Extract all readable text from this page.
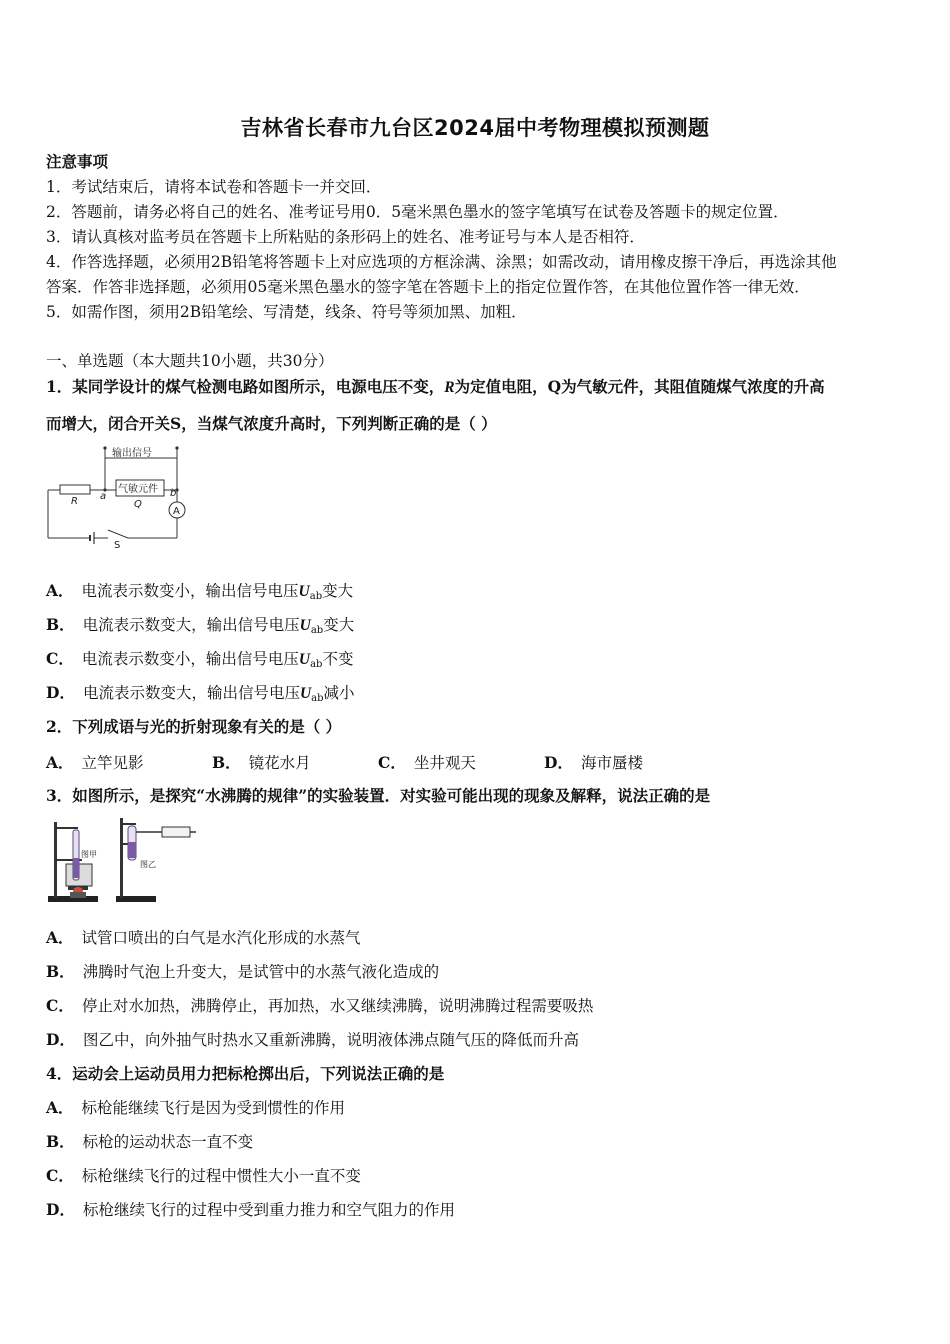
吉林省长春市九台区2024届中考物理模拟预测题
注意事项
1．考试结束后，请将本试卷和答题卡一并交回．
2．答题前，请务必将自己的姓名、准考证号用0．5毫米黑色墨水的签字笔填写在试卷及答题卡的规定位置．
3．请认真核对监考员在答题卡上所粘贴的条形码上的姓名、准考证号与本人是否相符．
4．作答选择题，必须用2B铅笔将答题卡上对应选项的方框涂满、涂黑；如需改动，请用橡皮擦干净后，再选涂其他
答案．作答非选择题，必须用05毫米黑色墨水的签字笔在答题卡上的指定位置作答，在其他位置作答一律无效．
5．如需作图，须用2B铅笔绘、写清楚，线条、符号等须加黑、加粗．
一、单选题（本大题共10小题，共30分）
1．某同学设计的煤气检测电路如图所示，电源电压不变，R为定值电阻，Q为气敏元件，其阻值随煤气浓度的升高
而增大，闭合开关S，当煤气浓度升高时，下列判断正确的是（ ）
输出信号
气敏元件
R a	b
Q
A
S
A． 电流表示数变小，输出信号电压$U_{ab}$变大
B． 电流表示数变大，输出信号电压$U_{ab}$变大
C． 电流表示数变小，输出信号电压$U_{ab}$不变
D． 电流表示数变大，输出信号电压$U_{ab}$减小
2．下列成语与光的折射现象有关的是（ ）
A． 立竿见影	B． 镜花水月	C． 坐井观天	D． 海市蜃楼
3．如图所示，是探究“水沸腾的规律”的实验装置．对实验可能出现的现象及解释，说法正确的是
图甲
图乙
A． 试管口喷出的白气是水汽化形成的水蒸气
B． 沸腾时气泡上升变大，是试管中的水蒸气液化造成的
C． 停止对水加热，沸腾停止，再加热，水又继续沸腾，说明沸腾过程需要吸热
D． 图乙中，向外抽气时热水又重新沸腾，说明液体沸点随气压的降低而升高
4．运动会上运动员用力把标枪掷出后，下列说法正确的是
A． 标枪能继续飞行是因为受到惯性的作用
B． 标枪的运动状态一直不变
C． 标枪继续飞行的过程中惯性大小一直不变
D． 标枪继续飞行的过程中受到重力推力和空气阻力的作用
